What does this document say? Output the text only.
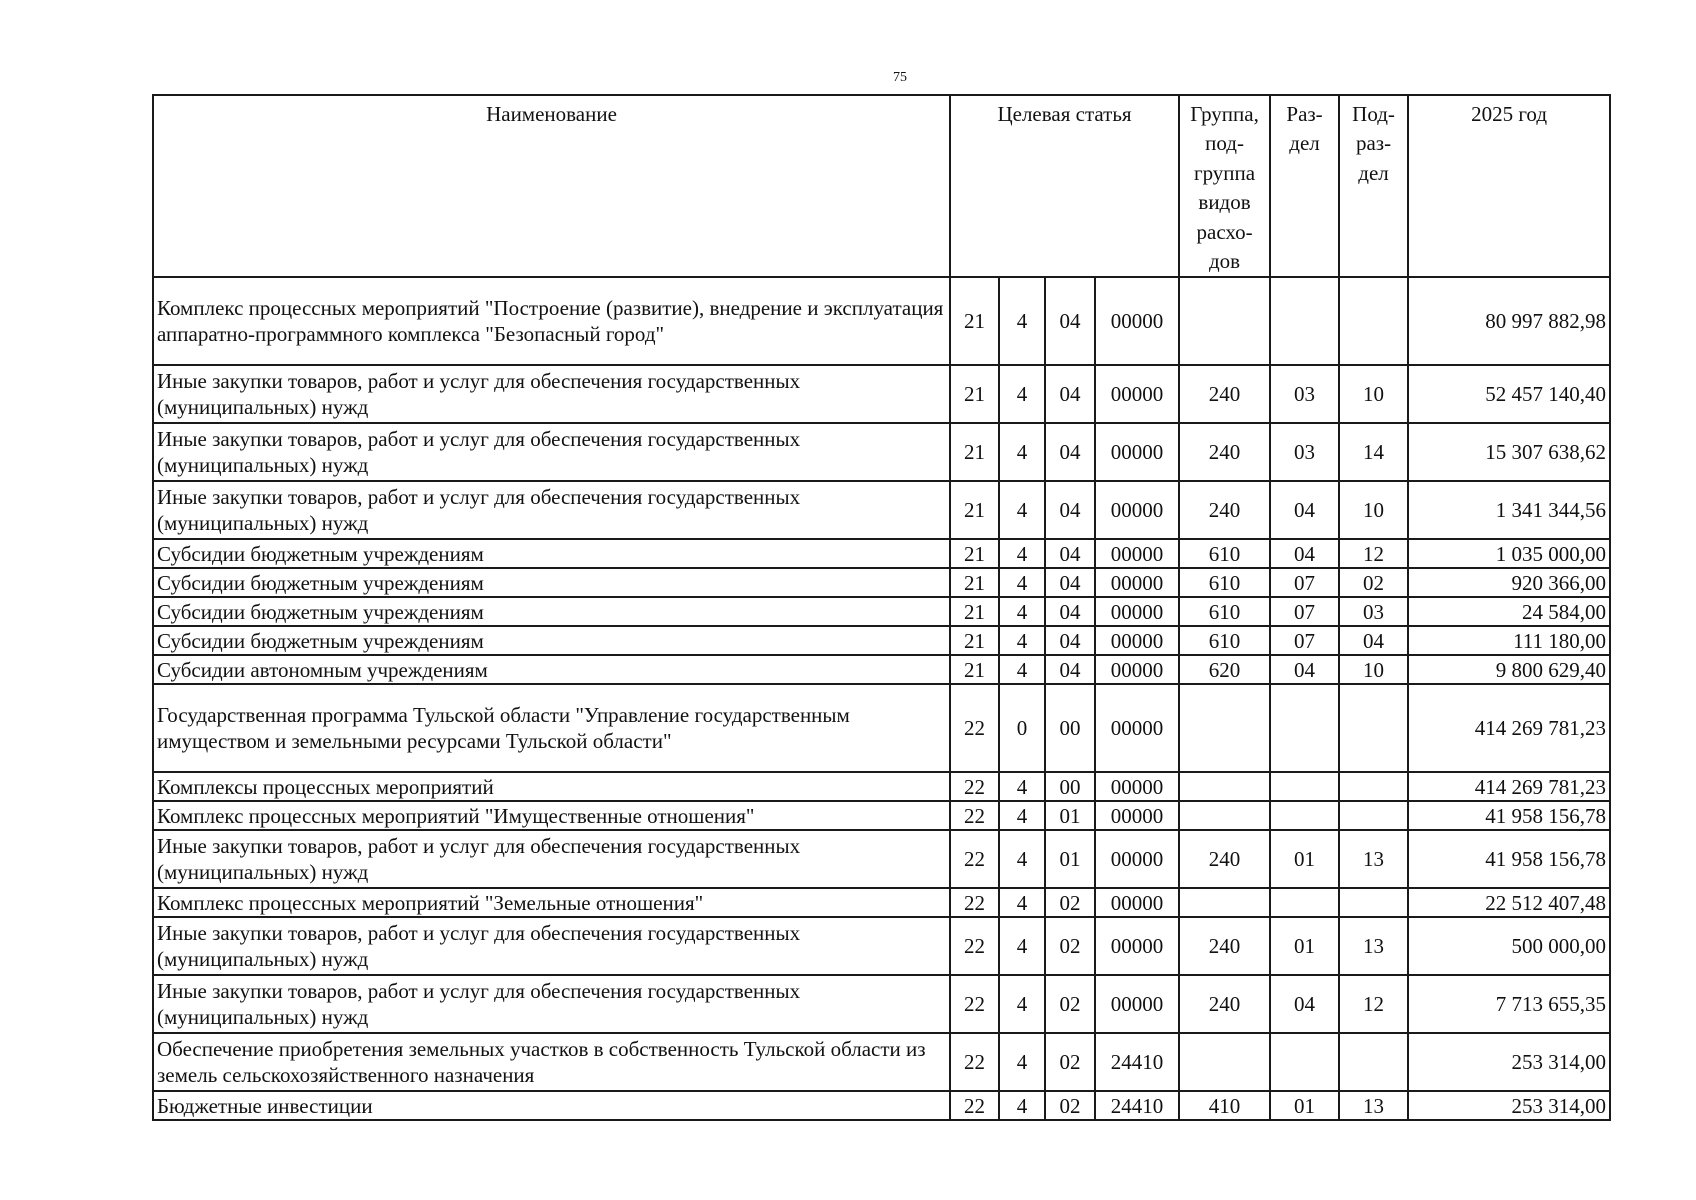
75
Наименование	Целевая статья				Группа, под- группа видов расхо- дов	Раз- дел	Под- раз- дел	2025 год
Комплекс процессных мероприятий "Построение (развитие), внедрение и эксплуатация аппаратно-программного комплекса "Безопасный город"	21	4	04	00000				80 997 882,98
Иные закупки товаров, работ и услуг для обеспечения государственных (муниципальных) нужд	21	4	04	00000	240	03	10	52 457 140,40
Иные закупки товаров, работ и услуг для обеспечения государственных (муниципальных) нужд	21	4	04	00000	240	03	14	15 307 638,62
Иные закупки товаров, работ и услуг для обеспечения государственных (муниципальных) нужд	21	4	04	00000	240	04	10	1 341 344,56
Субсидии бюджетным учреждениям	21	4	04	00000	610	04	12	1 035 000,00
Субсидии бюджетным учреждениям	21	4	04	00000	610	07	02	920 366,00
Субсидии бюджетным учреждениям	21	4	04	00000	610	07	03	24 584,00
Субсидии бюджетным учреждениям	21	4	04	00000	610	07	04	111 180,00
Субсидии автономным учреждениям	21	4	04	00000	620	04	10	9 800 629,40
Государственная программа Тульской области "Управление государственным имуществом и земельными ресурсами Тульской области"	22	0	00	00000				414 269 781,23
Комплексы процессных мероприятий	22	4	00	00000				414 269 781,23
Комплекс процессных мероприятий "Имущественные отношения"	22	4	01	00000				41 958 156,78
Иные закупки товаров, работ и услуг для обеспечения государственных (муниципальных) нужд	22	4	01	00000	240	01	13	41 958 156,78
Комплекс процессных мероприятий "Земельные отношения"	22	4	02	00000				22 512 407,48
Иные закупки товаров, работ и услуг для обеспечения государственных (муниципальных) нужд	22	4	02	00000	240	01	13	500 000,00
Иные закупки товаров, работ и услуг для обеспечения государственных (муниципальных) нужд	22	4	02	00000	240	04	12	7 713 655,35
Обеспечение приобретения земельных участков в собственность Тульской области из земель сельскохозяйственного назначения	22	4	02	24410				253 314,00
Бюджетные инвестиции	22	4	02	24410	410	01	13	253 314,00
